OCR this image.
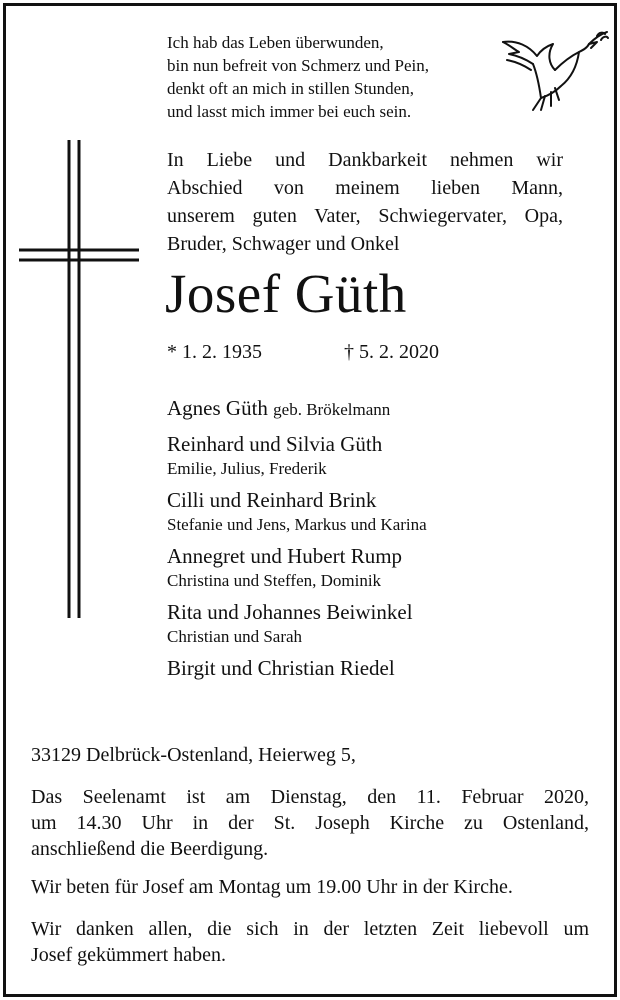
Ich hab das Leben überwunden,
bin nun befreit von Schmerz und Pein,
denkt oft an mich in stillen Stunden,
und lasst mich immer bei euch sein.
In Liebe und Dankbarkeit nehmen wir
Abschied von meinem lieben Mann,
unserem guten Vater, Schwiegervater, Opa,
Bruder, Schwager und Onkel
Josef Güth
* 1. 2. 1935	† 5. 2. 2020
Agnes Güth geb. Brökelmann
Reinhard und Silvia Güth
Emilie, Julius, Frederik
Cilli und Reinhard Brink
Stefanie und Jens, Markus und Karina
Annegret und Hubert Rump
Christina und Steffen, Dominik
Rita und Johannes Beiwinkel
Christian und Sarah
Birgit und Christian Riedel
33129 Delbrück-Ostenland, Heierweg 5,
Das Seelenamt ist am Dienstag, den 11. Februar 2020,
um 14.30 Uhr in der St. Joseph Kirche zu Ostenland,
anschließend die Beerdigung.
Wir beten für Josef am Montag um 19.00 Uhr in der Kirche.
Wir danken allen, die sich in der letzten Zeit liebevoll um
Josef gekümmert haben.
